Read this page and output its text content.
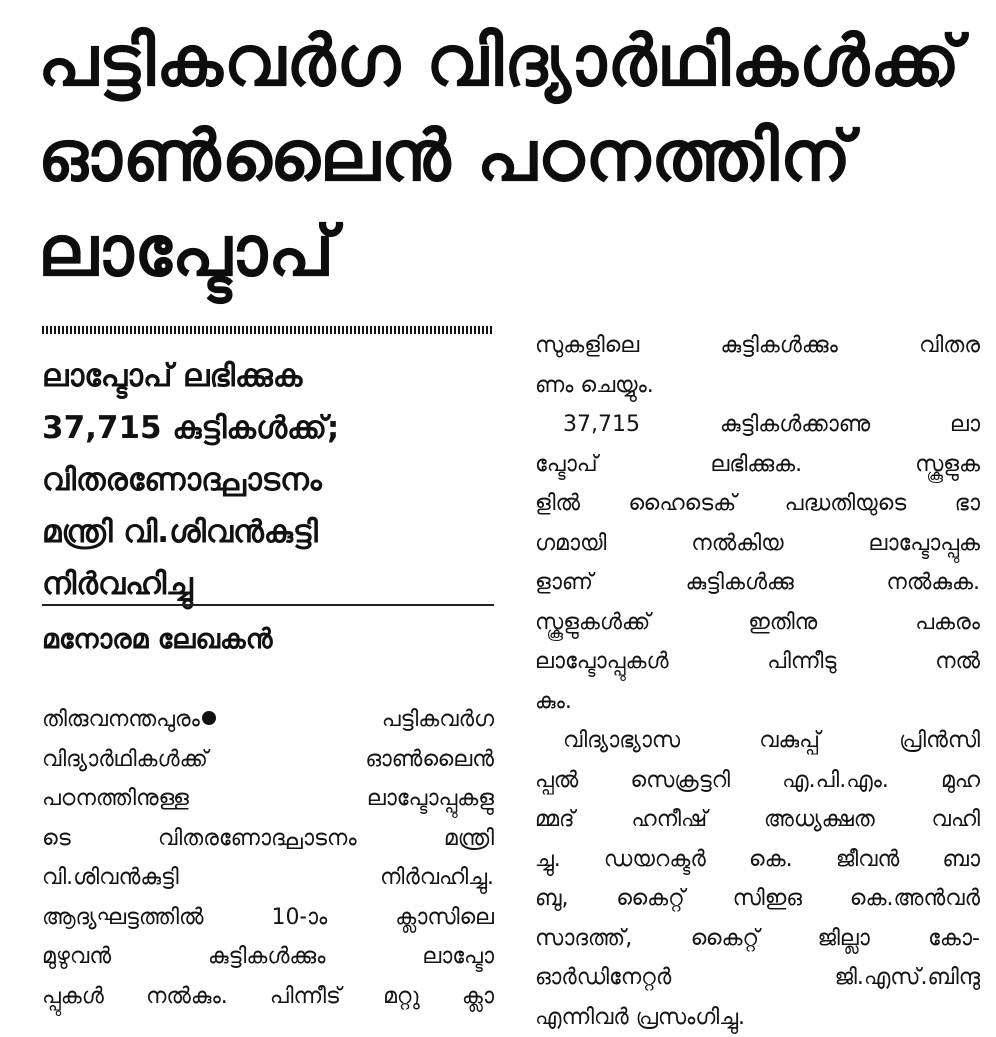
പട്ടികവർഗ വിദ്യാർഥികൾക്ക്
ഓൺലൈൻ പഠനത്തിന്
ലാപ്ടോപ്
ലാപ്ടോപ് ലഭിക്കുക
37,715 കുട്ടികൾക്ക്;
വിതരണോദ്ഘാടനം
മന്ത്രി വി.ശിവൻകുട്ടി
നിർവഹിച്ചു
മനോരമ ലേഖകൻ
തിരുവനന്തപുരം	പട്ടികവർഗ
വിദ്യാർഥികൾക്ക് ഓൺലൈൻ
പഠനത്തിനുള്ള ലാപ്ടോപ്പുകളു
ടെ വിതരണോദ്ഘാടനം മന്ത്രി
വി.ശിവൻകുട്ടി നിർവഹിച്ചു.
ആദ്യഘട്ടത്തിൽ 10-ാം ക്ലാസിലെ
മുഴുവൻ കുട്ടികൾക്കും ലാപ്ടോ
പ്പുകൾ നൽകും. പിന്നീട് മറ്റു ക്ലാ
സുകളിലെ കുട്ടികൾക്കും വിതര
ണം ചെയ്യും.
37,715 കുട്ടികൾക്കാണു ലാ
പ്ടോപ് ലഭിക്കുക. സ്കൂളുക
ളിൽ ഹൈടെക് പദ്ധതിയുടെ ഭാ
ഗമായി നൽകിയ ലാപ്ടോപ്പുക
ളാണ് കുട്ടികൾക്കു നൽകുക.
സ്കൂളുകൾക്ക് ഇതിനു പകരം
ലാപ്ടോപ്പുകൾ പിന്നീടു നൽ
കും.
വിദ്യാഭ്യാസ വകുപ്പ് പ്രിൻസി
പ്പൽ സെക്രട്ടറി എ.പി.എം. മുഹ
മ്മദ് ഹനീഷ് അധ്യക്ഷത വഹി
ച്ചു. ഡയറക്ടർ കെ. ജീവൻ ബാ
ബു, കൈറ്റ് സിഇഒ കെ.അൻവർ
സാദത്ത്, കൈറ്റ് ജില്ലാ കോ-
ഓർഡിനേറ്റർ ജി.എസ്.ബിന്ദു
എന്നിവർ പ്രസംഗിച്ചു.
